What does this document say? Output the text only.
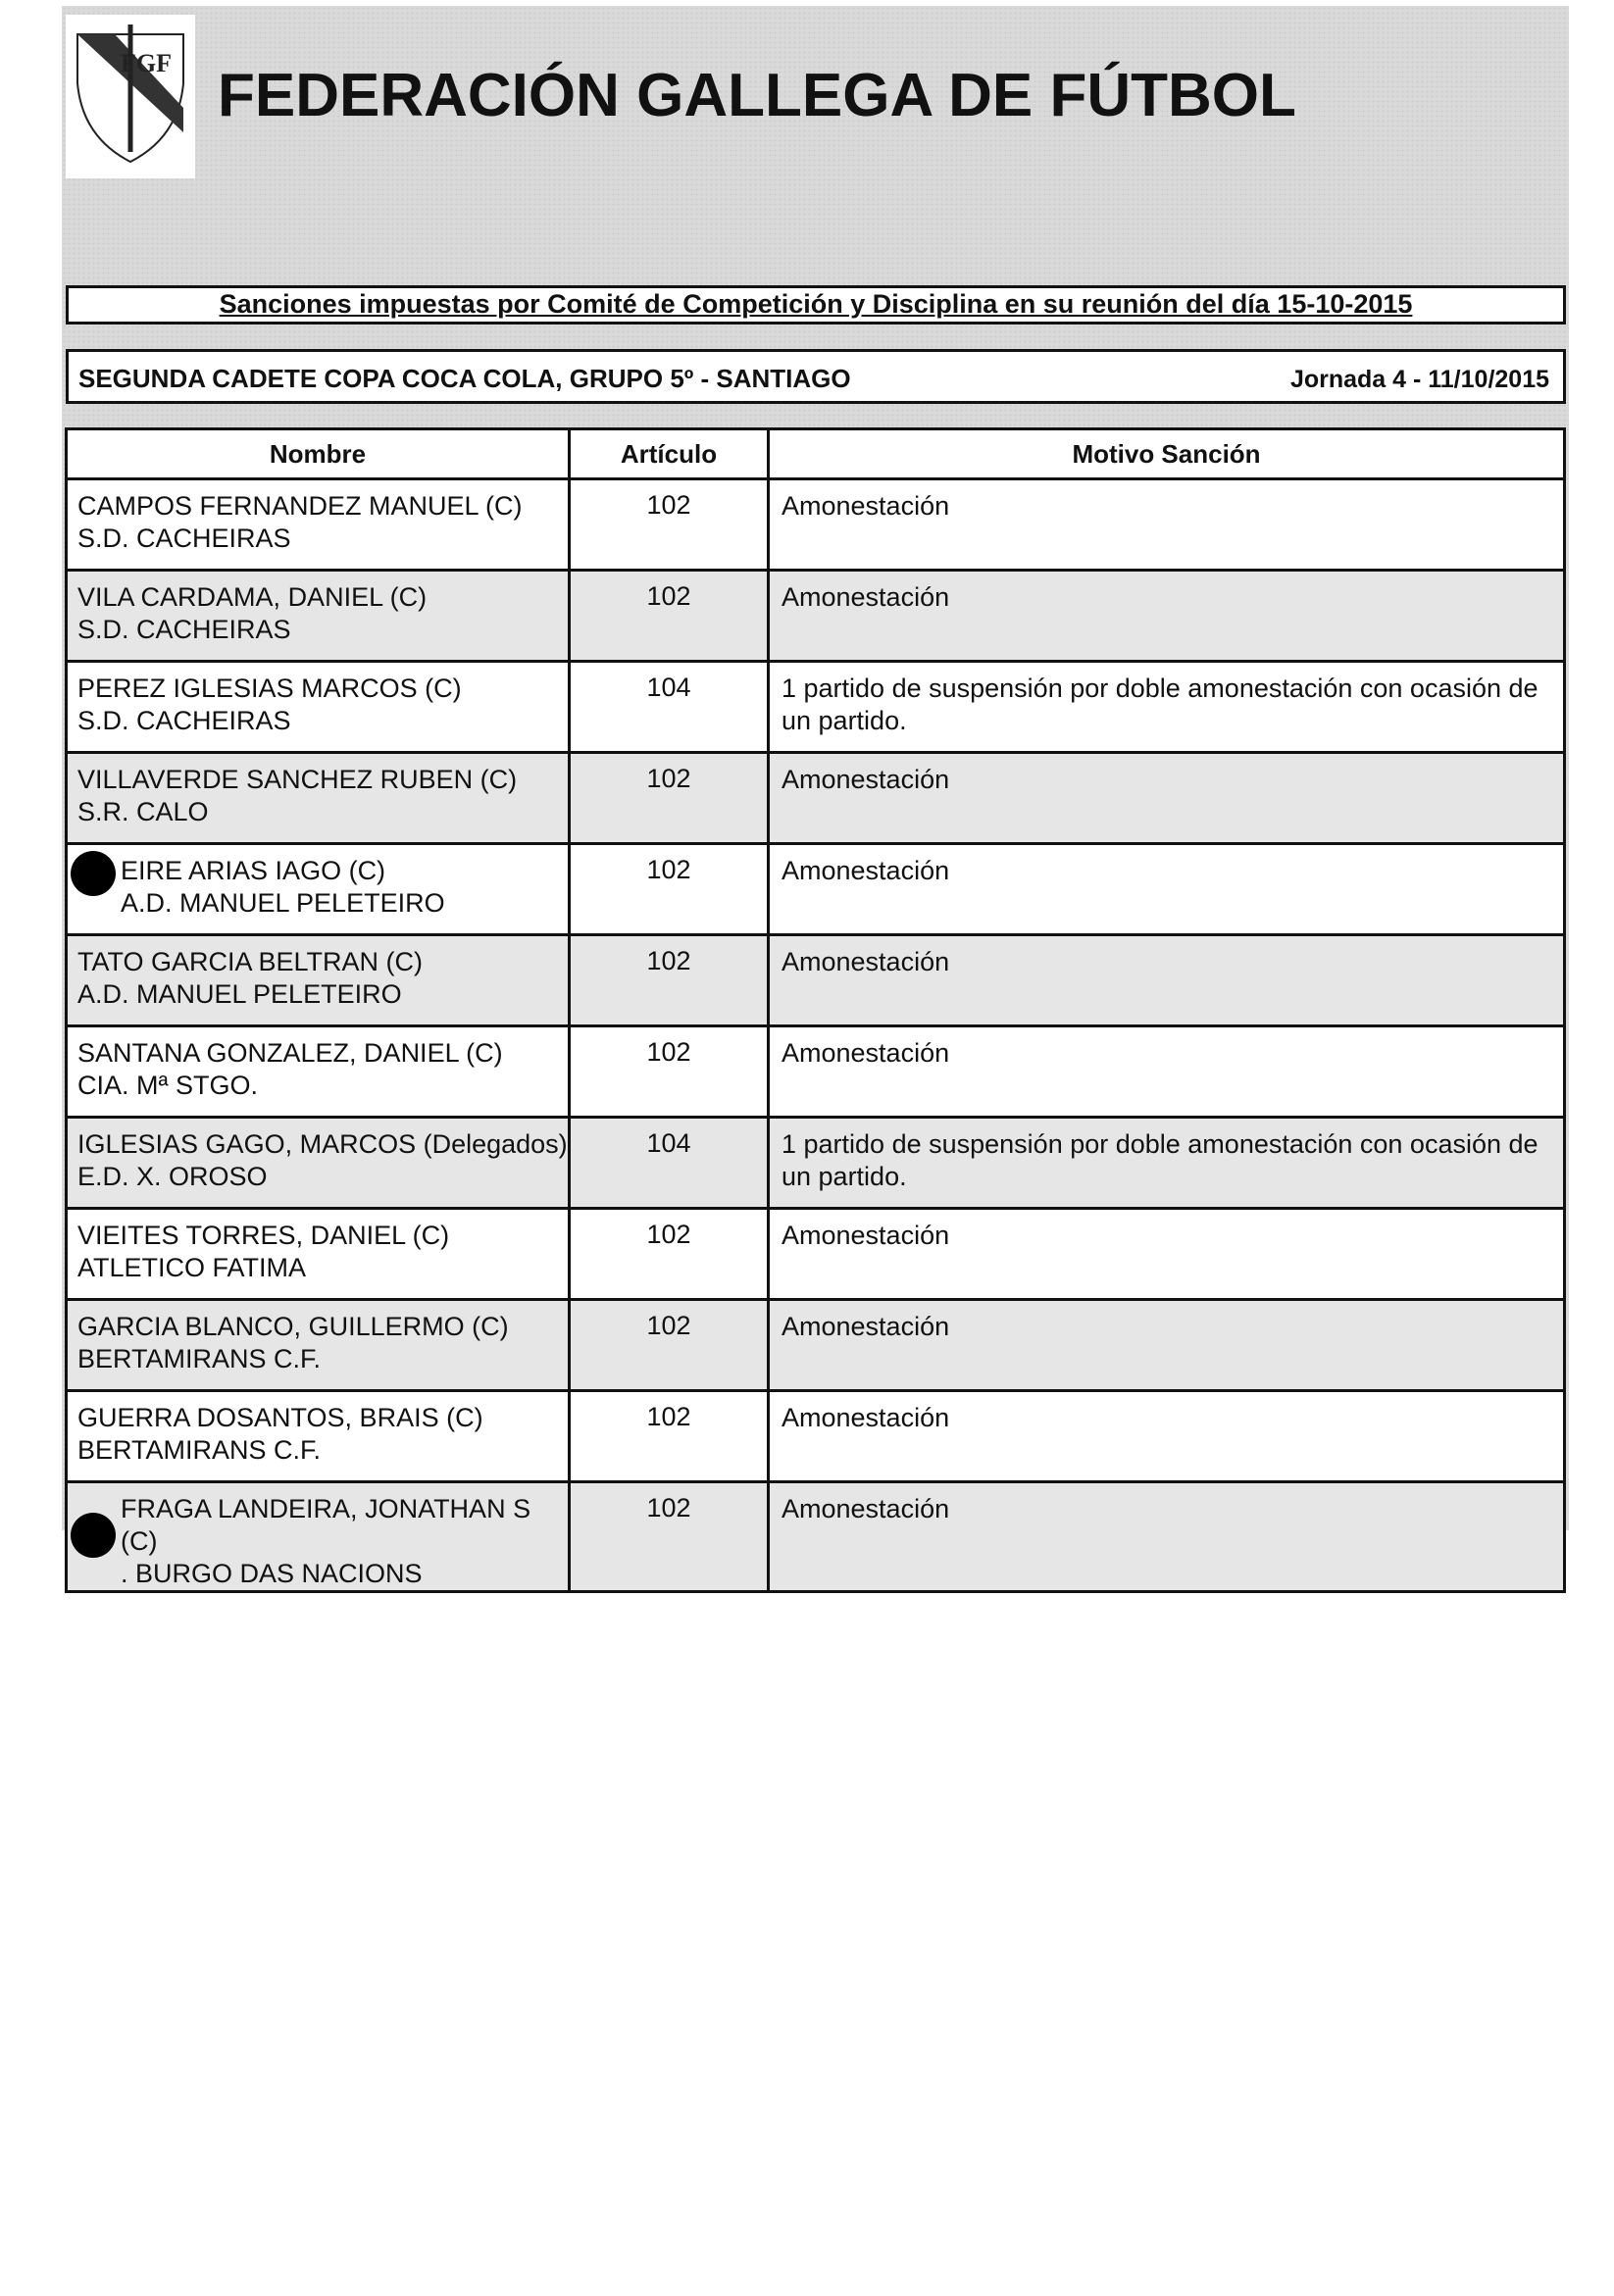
FGF FEDERACIÓN GALLEGA DE FÚTBOL
Sanciones impuestas por Comité de Competición y Disciplina en su reunión del día 15-10-2015
SEGUNDA CADETE COPA COCA COLA, GRUPO 5º - SANTIAGO	Jornada 4 - 11/10/2015
Nombre	Artículo	Motivo Sanción

CAMPOS FERNANDEZ MANUEL (C)
S.D. CACHEIRAS	102	Amonestación

VILA CARDAMA, DANIEL (C)
S.D. CACHEIRAS	102	Amonestación

PEREZ IGLESIAS MARCOS (C)
S.D. CACHEIRAS	104	1 partido de suspensión por doble amonestación con ocasión de un partido.

VILLAVERDE SANCHEZ RUBEN (C)
S.R. CALO	102	Amonestación

EIRE ARIAS IAGO (C)
A.D. MANUEL PELETEIRO	102	Amonestación

TATO GARCIA BELTRAN (C)
A.D. MANUEL PELETEIRO	102	Amonestación

SANTANA GONZALEZ, DANIEL (C)
CIA. Mª STGO.	102	Amonestación

IGLESIAS GAGO, MARCOS (Delegados)
E.D. X. OROSO	104	1 partido de suspensión por doble amonestación con ocasión de un partido.

VIEITES TORRES, DANIEL (C)
ATLETICO FATIMA	102	Amonestación

GARCIA BLANCO, GUILLERMO (C)
BERTAMIRANS C.F.	102	Amonestación

GUERRA DOSANTOS, BRAIS (C)
BERTAMIRANS C.F.	102	Amonestación

FRAGA LANDEIRA, JONATHAN S (C)
. BURGO DAS NACIONS	102	Amonestación
